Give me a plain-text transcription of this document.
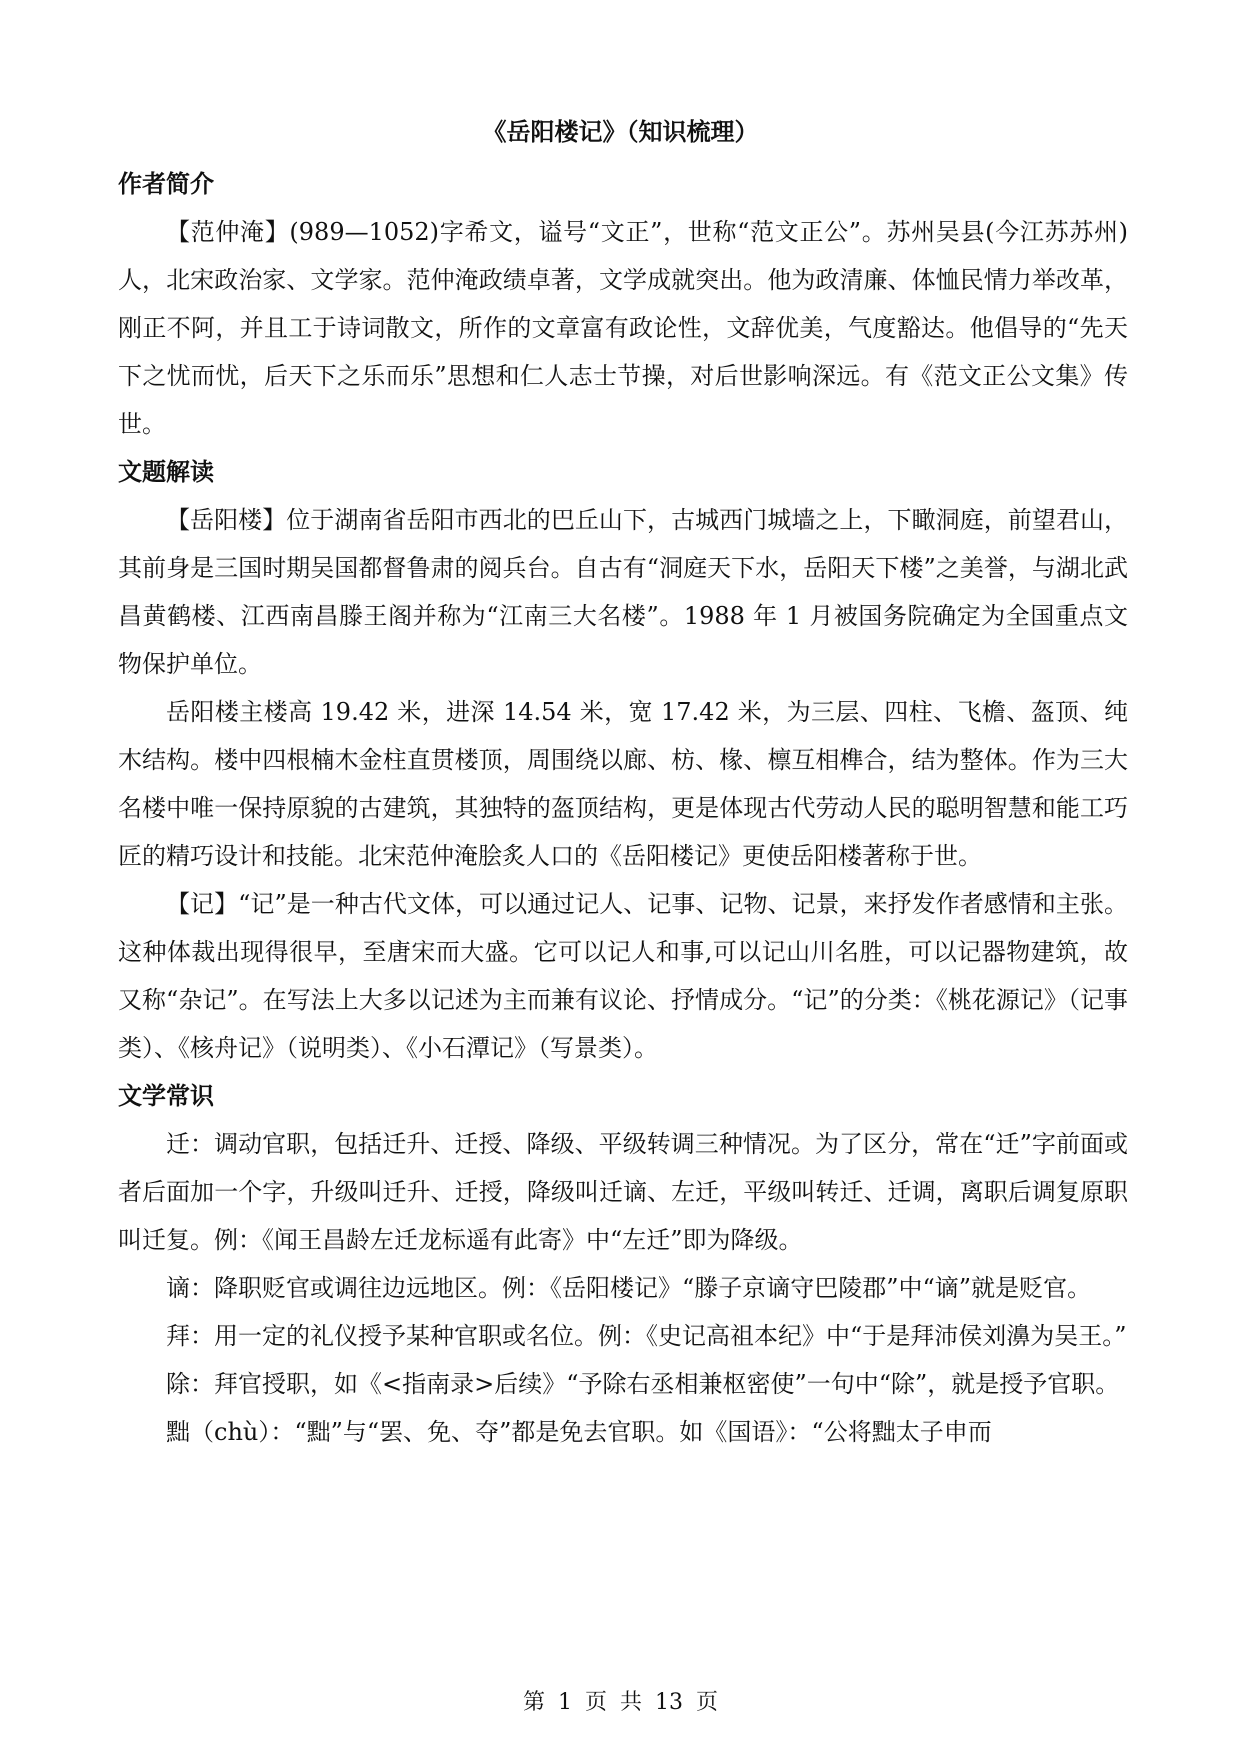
《岳阳楼记》（知识梳理）
作者简介

【范仲淹】(989—1052)字希文，谥号“文正”，世称“范文正公”。苏州吴县(今江苏苏州)人，北宋政治家、文学家。范仲淹政绩卓著，文学成就突出。他为政清廉、体恤民情力举改革，刚正不阿，并且工于诗词散文，所作的文章富有政论性，文辞优美，气度豁达。他倡导的“先天下之忧而忧，后天下之乐而乐”思想和仁人志士节操，对后世影响深远。有《范文正公文集》传世。

文题解读

【岳阳楼】位于湖南省岳阳市西北的巴丘山下，古城西门城墙之上，下瞰洞庭，前望君山，其前身是三国时期吴国都督鲁肃的阅兵台。自古有“洞庭天下水，岳阳天下楼”之美誉，与湖北武昌黄鹤楼、江西南昌滕王阁并称为“江南三大名楼”。1988 年 1 月被国务院确定为全国重点文物保护单位。

岳阳楼主楼高 19.42 米，进深 14.54 米，宽 17.42 米，为三层、四柱、飞檐、盔顶、纯木结构。楼中四根楠木金柱直贯楼顶，周围绕以廊、枋、椽、檩互相榫合，结为整体。作为三大名楼中唯一保持原貌的古建筑，其独特的盔顶结构，更是体现古代劳动人民的聪明智慧和能工巧匠的精巧设计和技能。北宋范仲淹脍炙人口的《岳阳楼记》更使岳阳楼著称于世。

【记】“记”是一种古代文体，可以通过记人、记事、记物、记景，来抒发作者感情和主张。这种体裁出现得很早，至唐宋而大盛。它可以记人和事,可以记山川名胜，可以记器物建筑，故又称“杂记”。在写法上大多以记述为主而兼有议论、抒情成分。“记”的分类：《桃花源记》（记事类）、《核舟记》（说明类）、《小石潭记》（写景类）。

文学常识

迁：调动官职，包括迁升、迁授、降级、平级转调三种情况。为了区分，常在“迁”字前面或者后面加一个字，升级叫迁升、迁授，降级叫迁谪、左迁，平级叫转迁、迁调，离职后调复原职叫迁复。例：《闻王昌龄左迁龙标遥有此寄》中“左迁”即为降级。

谪：降职贬官或调往边远地区。例：《岳阳楼记》“滕子京谪守巴陵郡”中“谪”就是贬官。

拜：用一定的礼仪授予某种官职或名位。例：《史记高祖本纪》中“于是拜沛侯刘濞为吴王。”

除：拜官授职，如《<指南录>后续》“予除右丞相兼枢密使”一句中“除”，就是授予官职。

黜（chù）：“黜”与“罢、免、夺”都是免去官职。如《国语》：“公将黜太子申而

第 1 页 共 13 页
